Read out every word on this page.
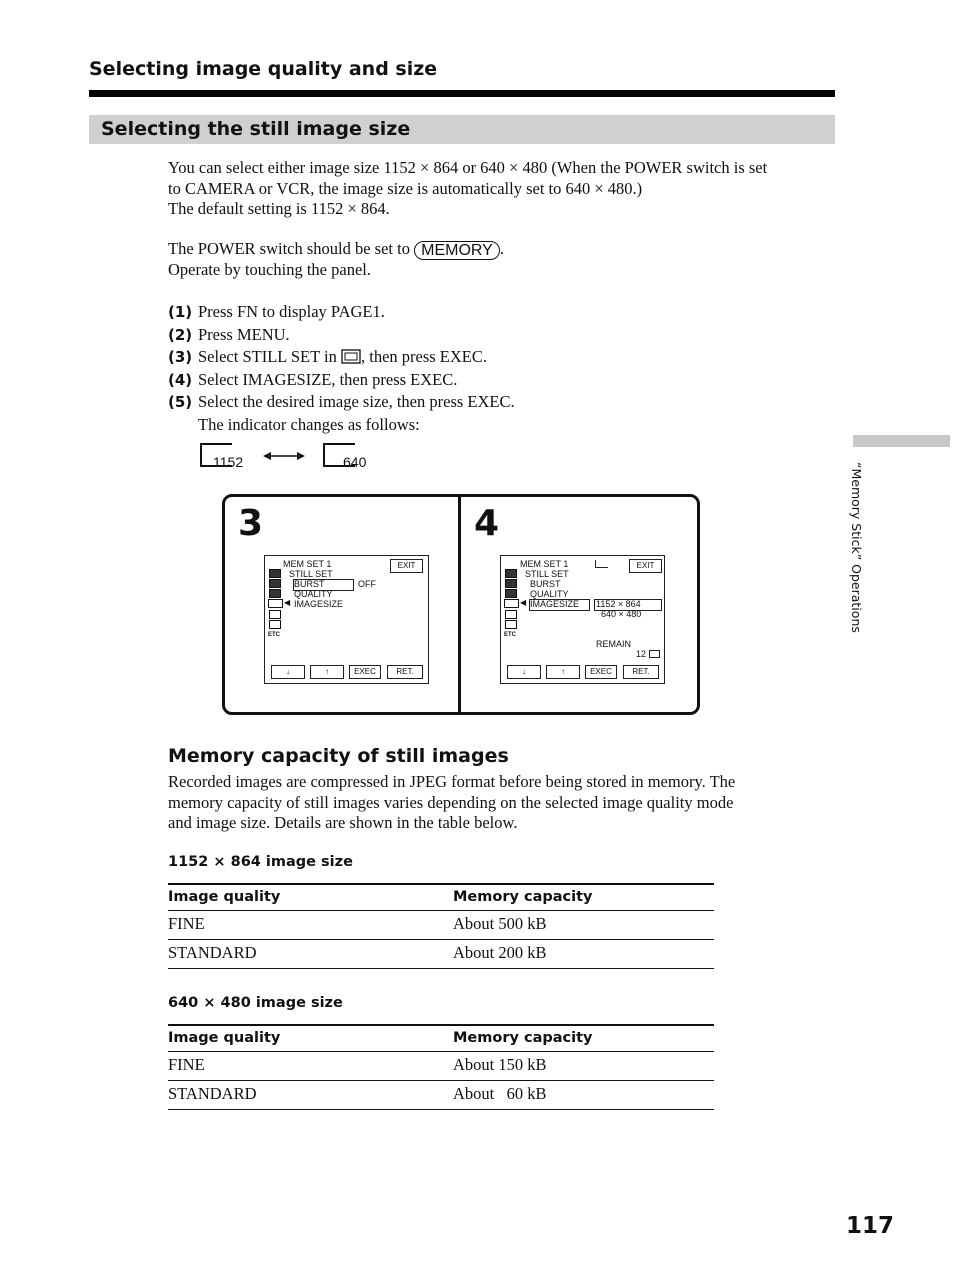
Selecting image quality and size
Selecting the still image size
You can select either image size 1152 × 864 or 640 × 480 (When the POWER switch is set
to CAMERA or VCR, the image size is automatically set to 640 × 480.)
The default setting is 1152 × 864.
The POWER switch should be set to MEMORY .
Operate by touching the panel.
(1) Press FN to display PAGE1.
(2) Press MENU.
(3) Select STILL SET in , then press EXEC.
(4) Select IMAGESIZE, then press EXEC.
(5) Select the desired image size, then press EXEC.
The indicator changes as follows:
1152	640
3	4
MEM SET 1	EXIT
STILL SET
BURST	OFF
QUALITY
IMAGESIZE
◀
ETC
↓	↑	EXEC	RET.
MEM SET 1	EXIT
STILL SET
BURST
QUALITY
IMAGESIZE 1152 × 864
640 × 480
◀
ETC
REMAIN
12
↓	↑	EXEC	RET.
Memory capacity of still images
Recorded images are compressed in JPEG format before being stored in memory. The
memory capacity of still images varies depending on the selected image quality mode
and image size. Details are shown in the table below.
1152 × 864 image size
Image quality	Memory capacity
FINE	About 500 kB
STANDARD	About 200 kB
640 × 480 image size
Image quality	Memory capacity
FINE	About 150 kB
STANDARD	About   60 kB
“Memory Stick” Operations
117
